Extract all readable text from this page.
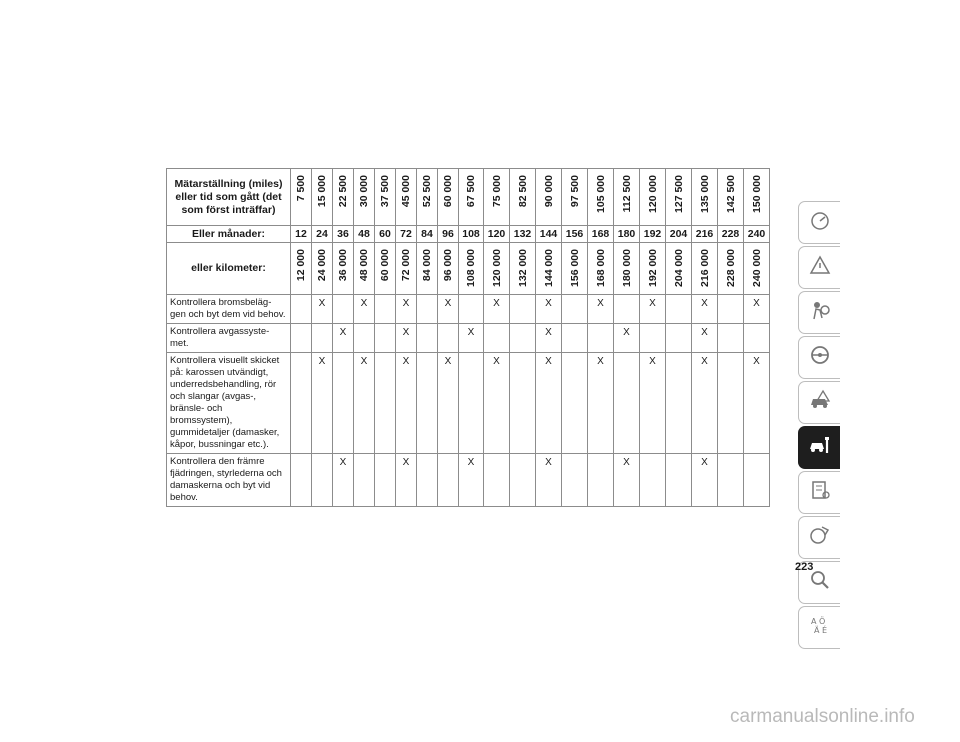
Mätarställning (miles) eller tid som gått (det som först inträffar)	7 500	15 000	22 500	30 000	37 500	45 000	52 500	60 000	67 500	75 000	82 500	90 000	97 500	105 000	112 500	120 000	127 500	135 000	142 500	150 000

Eller månader:	12	24	36	48	60	72	84	96	108	120	132	144	156	168	180	192	204	216	228	240
eller kilometer:	12 000	24 000	36 000	48 000	60 000	72 000	84 000	96 000	108 000	120 000	132 000	144 000	156 000	168 000	180 000	192 000	204 000	216 000	228 000	240 000

Kontrollera bromsbeläg-gen och byt dem vid behov.		X		X		X		X		X		X		X		X		X		X
Kontrollera avgassyste-met.			X			X			X			X			X			X		
Kontrollera visuellt skicket på: karossen utvändigt, underredsbehandling, rör och slangar (avgas-, bränsle- och bromssystem), gummidetaljer (damasker, kåpor, bussningar etc.).		X		X		X		X		X		X		X		X		X		X
Kontrollera den främre fjädringen, styrlederna och damaskerna och byt vid behov.			X			X			X			X			X			X		
A Ö
Ä É
223
carmanualsonline.info
